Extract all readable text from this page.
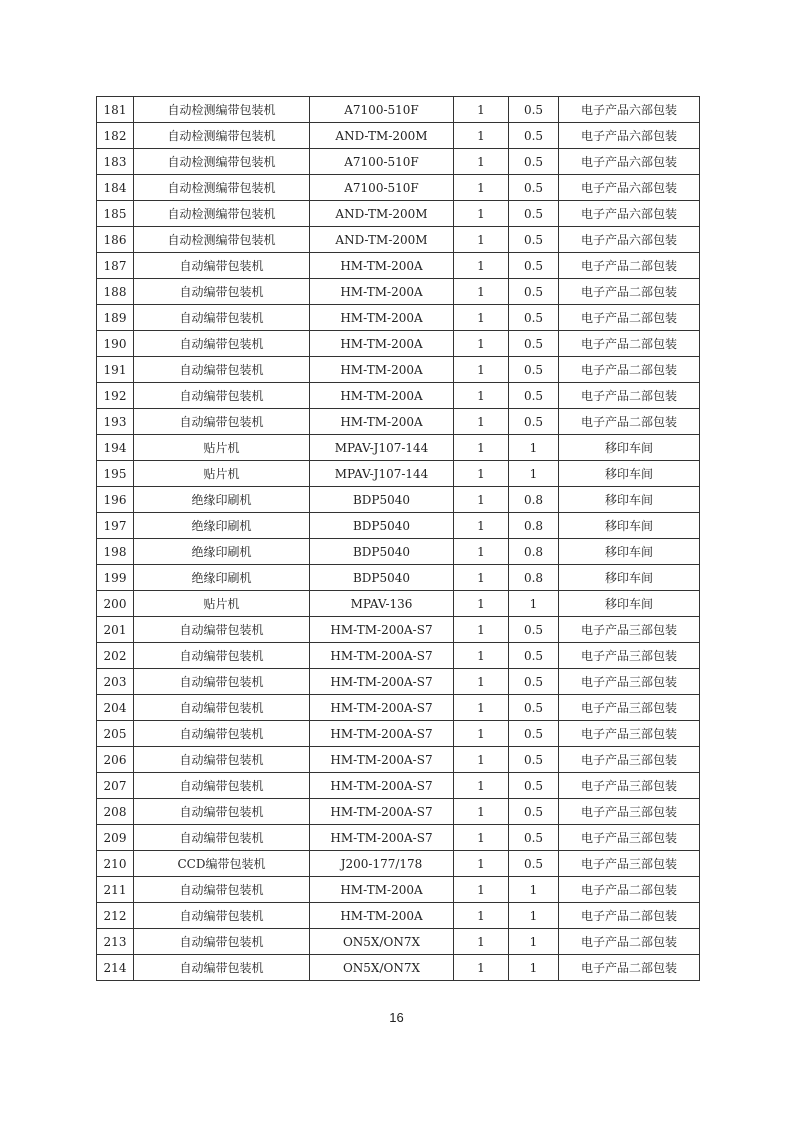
181	自动检测编带包装机	A7100-510F	1	0.5	电子产品六部包装
182	自动检测编带包装机	AND-TM-200M	1	0.5	电子产品六部包装
183	自动检测编带包装机	A7100-510F	1	0.5	电子产品六部包装
184	自动检测编带包装机	A7100-510F	1	0.5	电子产品六部包装
185	自动检测编带包装机	AND-TM-200M	1	0.5	电子产品六部包装
186	自动检测编带包装机	AND-TM-200M	1	0.5	电子产品六部包装
187	自动编带包装机	HM-TM-200A	1	0.5	电子产品二部包装
188	自动编带包装机	HM-TM-200A	1	0.5	电子产品二部包装
189	自动编带包装机	HM-TM-200A	1	0.5	电子产品二部包装
190	自动编带包装机	HM-TM-200A	1	0.5	电子产品二部包装
191	自动编带包装机	HM-TM-200A	1	0.5	电子产品二部包装
192	自动编带包装机	HM-TM-200A	1	0.5	电子产品二部包装
193	自动编带包装机	HM-TM-200A	1	0.5	电子产品二部包装
194	贴片机	MPAV-J107-144	1	1	移印车间
195	贴片机	MPAV-J107-144	1	1	移印车间
196	绝缘印刷机	BDP5040	1	0.8	移印车间
197	绝缘印刷机	BDP5040	1	0.8	移印车间
198	绝缘印刷机	BDP5040	1	0.8	移印车间
199	绝缘印刷机	BDP5040	1	0.8	移印车间
200	贴片机	MPAV-136	1	1	移印车间
201	自动编带包装机	HM-TM-200A-S7	1	0.5	电子产品三部包装
202	自动编带包装机	HM-TM-200A-S7	1	0.5	电子产品三部包装
203	自动编带包装机	HM-TM-200A-S7	1	0.5	电子产品三部包装
204	自动编带包装机	HM-TM-200A-S7	1	0.5	电子产品三部包装
205	自动编带包装机	HM-TM-200A-S7	1	0.5	电子产品三部包装
206	自动编带包装机	HM-TM-200A-S7	1	0.5	电子产品三部包装
207	自动编带包装机	HM-TM-200A-S7	1	0.5	电子产品三部包装
208	自动编带包装机	HM-TM-200A-S7	1	0.5	电子产品三部包装
209	自动编带包装机	HM-TM-200A-S7	1	0.5	电子产品三部包装
210	CCD编带包装机	J200-177/178	1	0.5	电子产品三部包装
211	自动编带包装机	HM-TM-200A	1	1	电子产品二部包装
212	自动编带包装机	HM-TM-200A	1	1	电子产品二部包装
213	自动编带包装机	ON5X/ON7X	1	1	电子产品二部包装
214	自动编带包装机	ON5X/ON7X	1	1	电子产品二部包装
16
